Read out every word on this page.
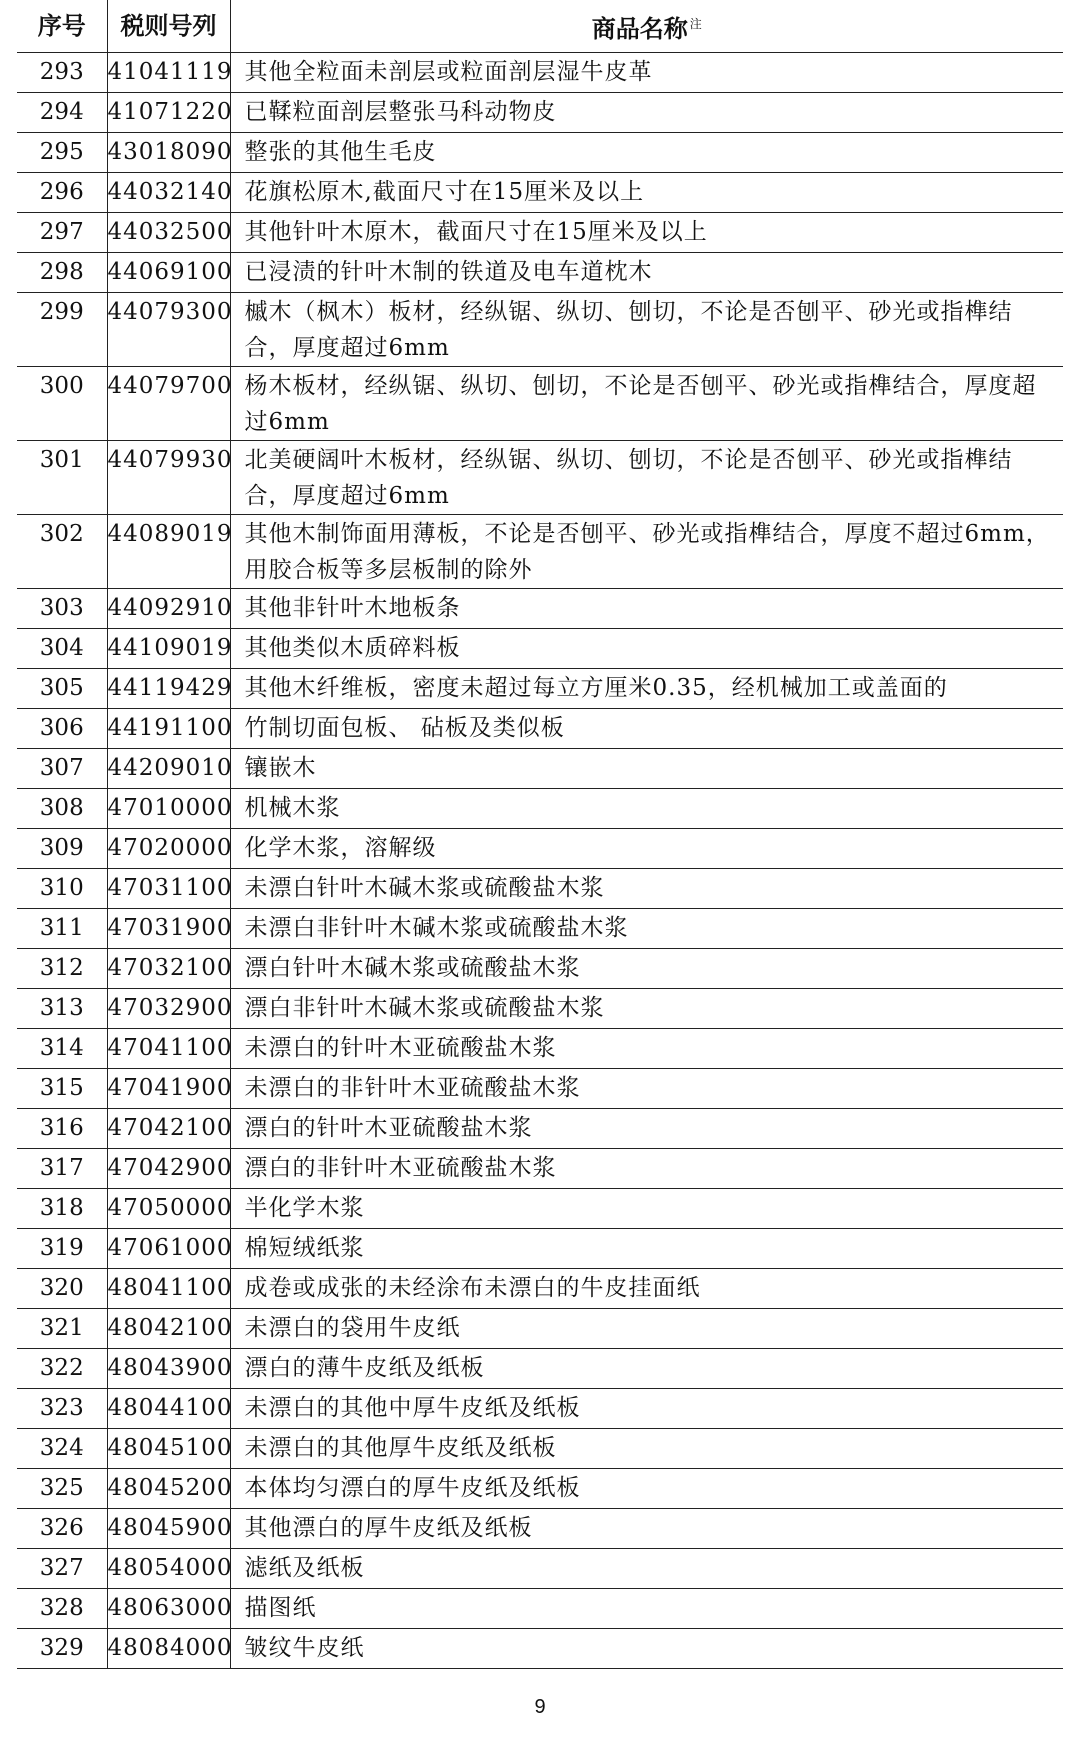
序号	税则号列	商品名称 $^注$
293	41041119	其他全粒面未剖层或粒面剖层湿牛皮革
294	41071220	已鞣粒面剖层整张马科动物皮
295	43018090	整张的其他生毛皮
296	44032140	花旗松原木,截面尺寸在15厘米及以上
297	44032500	其他针叶木原木，截面尺寸在15厘米及以上
298	44069100	已浸渍的针叶木制的铁道及电车道枕木
299	44079300	槭木（枫木）板材，经纵锯、纵切、刨切，不论是否刨平、砂光或指榫结合，厚度超过6mm
300	44079700	杨木板材，经纵锯、纵切、刨切，不论是否刨平、砂光或指榫结合，厚度超过6mm
301	44079930	北美硬阔叶木板材，经纵锯、纵切、刨切，不论是否刨平、砂光或指榫结合，厚度超过6mm
302	44089019	其他木制饰面用薄板，不论是否刨平、砂光或指榫结合，厚度不超过6mm，用胶合板等多层板制的除外
303	44092910	其他非针叶木地板条
304	44109019	其他类似木质碎料板
305	44119429	其他木纤维板，密度未超过每立方厘米0.35，经机械加工或盖面的
306	44191100	竹制切面包板、 砧板及类似板
307	44209010	镶嵌木
308	47010000	机械木浆
309	47020000	化学木浆，溶解级
310	47031100	未漂白针叶木碱木浆或硫酸盐木浆
311	47031900	未漂白非针叶木碱木浆或硫酸盐木浆
312	47032100	漂白针叶木碱木浆或硫酸盐木浆
313	47032900	漂白非针叶木碱木浆或硫酸盐木浆
314	47041100	未漂白的针叶木亚硫酸盐木浆
315	47041900	未漂白的非针叶木亚硫酸盐木浆
316	47042100	漂白的针叶木亚硫酸盐木浆
317	47042900	漂白的非针叶木亚硫酸盐木浆
318	47050000	半化学木浆
319	47061000	棉短绒纸浆
320	48041100	成卷或成张的未经涂布未漂白的牛皮挂面纸
321	48042100	未漂白的袋用牛皮纸
322	48043900	漂白的薄牛皮纸及纸板
323	48044100	未漂白的其他中厚牛皮纸及纸板
324	48045100	未漂白的其他厚牛皮纸及纸板
325	48045200	本体均匀漂白的厚牛皮纸及纸板
326	48045900	其他漂白的厚牛皮纸及纸板
327	48054000	滤纸及纸板
328	48063000	描图纸
329	48084000	皱纹牛皮纸
9
